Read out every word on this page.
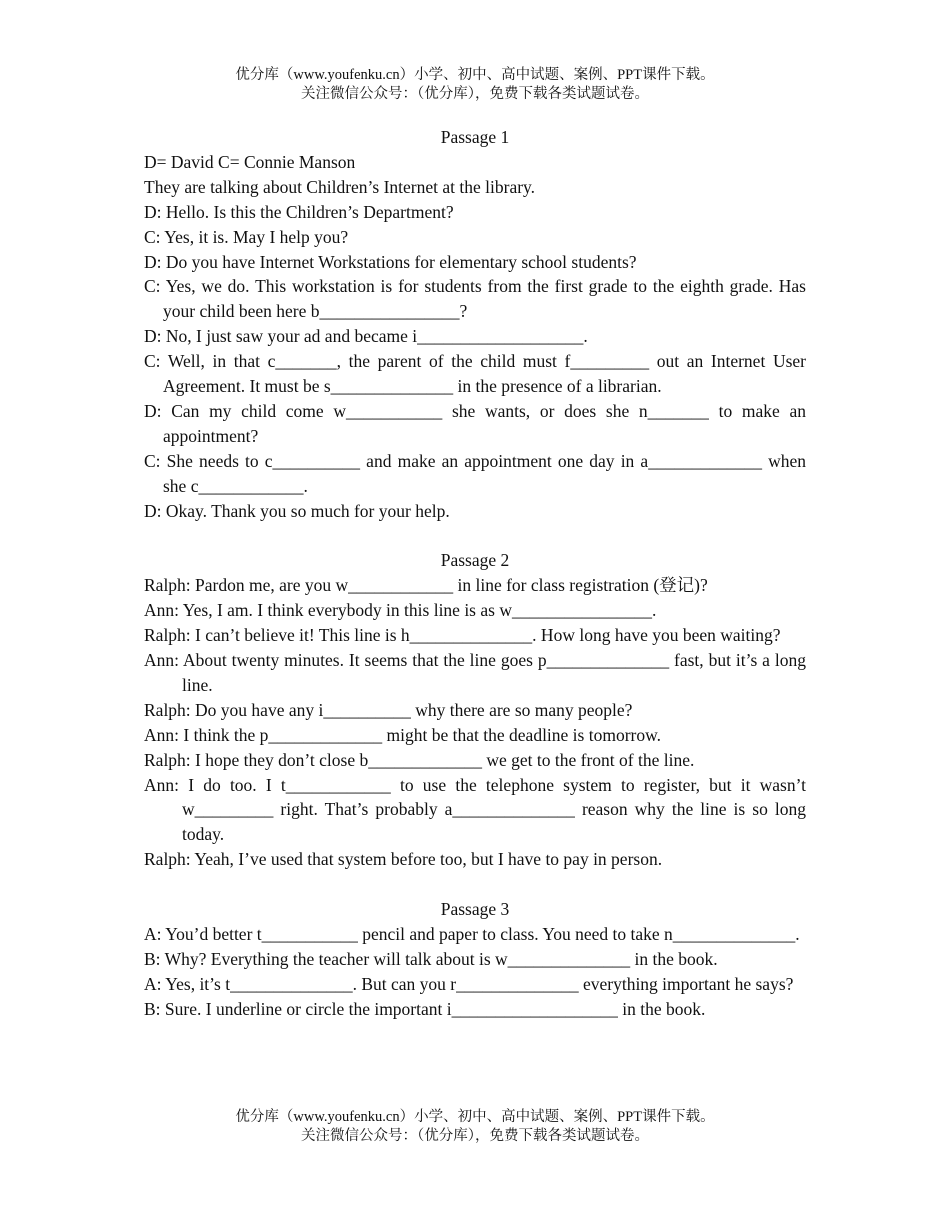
优分库（www.youfenku.cn）小学、初中、高中试题、案例、PPT课件下载。
关注微信公众号：（优分库），免费下载各类试题试卷。
Passage 1
D= David C= Connie Manson
They are talking about Children’s Internet at the library.
D: Hello. Is this the Children’s Department?
C: Yes, it is. May I help you?
D: Do you have Internet Workstations for elementary school students?
C: Yes, we do. This workstation is for students from the first grade to the eighth grade. Has your child been here b________________?
D: No, I just saw your ad and became i___________________.
C: Well, in that c_______, the parent of the child must f_________ out an Internet User Agreement. It must be s______________ in the presence of a librarian.
D: Can my child come w___________ she wants, or does she n_______ to make an appointment?
C: She needs to c__________ and make an appointment one day in a_____________ when she c____________.
D: Okay. Thank you so much for your help.
Passage 2
Ralph: Pardon me, are you w____________ in line for class registration (登记)?
Ann: Yes, I am. I think everybody in this line is as w________________.
Ralph: I can’t believe it! This line is h______________. How long have you been waiting?
Ann: About twenty minutes. It seems that the line goes p______________ fast, but it’s a long line.
Ralph: Do you have any i__________ why there are so many people?
Ann: I think the p_____________ might be that the deadline is tomorrow.
Ralph: I hope they don’t close b_____________ we get to the front of the line.
Ann: I do too. I t____________ to use the telephone system to register, but it wasn’t w_________ right. That’s probably a______________ reason why the line is so long today.
Ralph: Yeah, I’ve used that system before too, but I have to pay in person.
Passage 3
A: You’d better t___________ pencil and paper to class. You need to take n______________.
B: Why? Everything the teacher will talk about is w______________ in the book.
A: Yes, it’s t______________. But can you r______________ everything important he says?
B: Sure. I underline or circle the important i___________________ in the book.
优分库（www.youfenku.cn）小学、初中、高中试题、案例、PPT课件下载。
关注微信公众号：（优分库），免费下载各类试题试卷。
